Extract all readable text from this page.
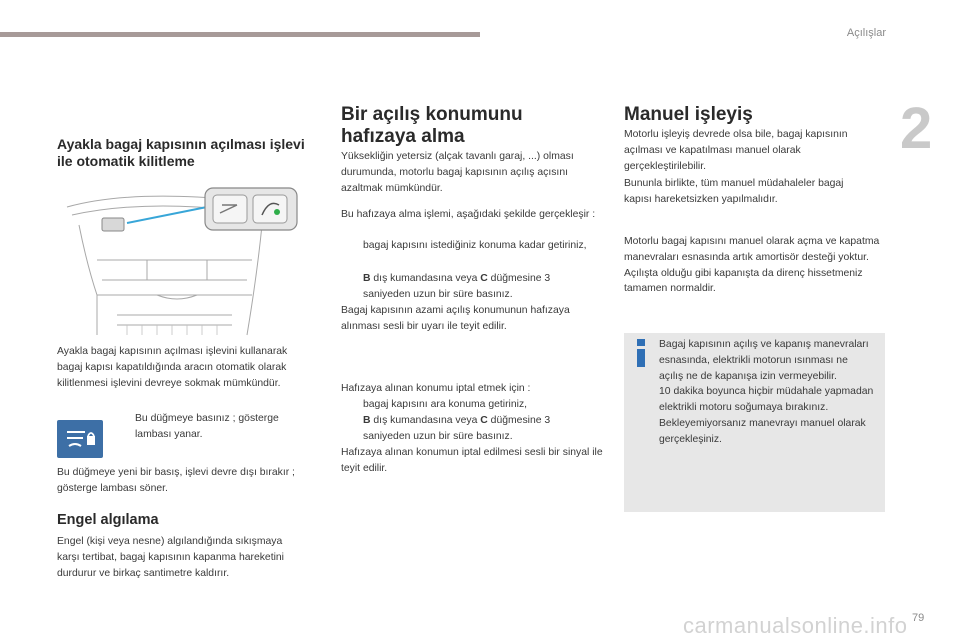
Açılışlar
2
79
carmanualsonline.info
Ayakla bagaj kapısının açılması işlevi ile otomatik kilitleme

Ayakla bagaj kapısının açılması işlevini kullanarak bagaj kapısı kapatıldığında aracın otomatik olarak kilitlenmesi işlevini devreye sokmak mümkündür.

Bu düğmeye basınız ; gösterge lambası yanar.

Bu düğmeye yeni bir basış, işlevi devre dışı bırakır ; gösterge lambası söner.

Engel algılama

Engel (kişi veya nesne) algılandığında sıkışmaya karşı tertibat, bagaj kapısının kapanma hareketini durdurur ve birkaç santimetre kaldırır.

Bir açılış konumunu hafızaya alma

Yüksekliğin yetersiz (alçak tavanlı garaj, ...) olması durumunda, motorlu bagaj kapısının açılış açısını azaltmak mümkündür.

Bu hafızaya alma işlemi, aşağıdaki şekilde gerçekleşir :

bagaj kapısını istediğiniz konuma kadar getiriniz,
B dış kumandasına veya C düğmesine 3 saniyeden uzun bir süre basınız.

Bagaj kapısının azami açılış konumunun hafızaya alınması sesli bir uyarı ile teyit edilir.

Hafızaya alınan konumu iptal etmek için :

bagaj kapısını ara konuma getiriniz,
B dış kumandasına veya C düğmesine 3 saniyeden uzun bir süre basınız.

Hafızaya alınan konumun iptal edilmesi sesli bir sinyal ile teyit edilir.

Manuel işleyiş

Motorlu işleyiş devrede olsa bile, bagaj kapısının açılması ve kapatılması manuel olarak gerçekleştirilebilir.

Bununla birlikte, tüm manuel müdahaleler bagaj kapısı hareketsizken yapılmalıdır.

Motorlu bagaj kapısını manuel olarak açma ve kapatma manevraları esnasında artık amortisör desteği yoktur. Açılışta olduğu gibi kapanışta da direnç hissetmeniz tamamen normaldir.

Bagaj kapısının açılış ve kapanış manevraları esnasında, elektrikli motorun ısınması ne açılış ne de kapanışa izin vermeyebilir.
10 dakika boyunca hiçbir müdahale yapmadan elektrikli motoru soğumaya bırakınız.
Bekleyemiyorsanız manevrayı manuel olarak gerçekleşiniz.
